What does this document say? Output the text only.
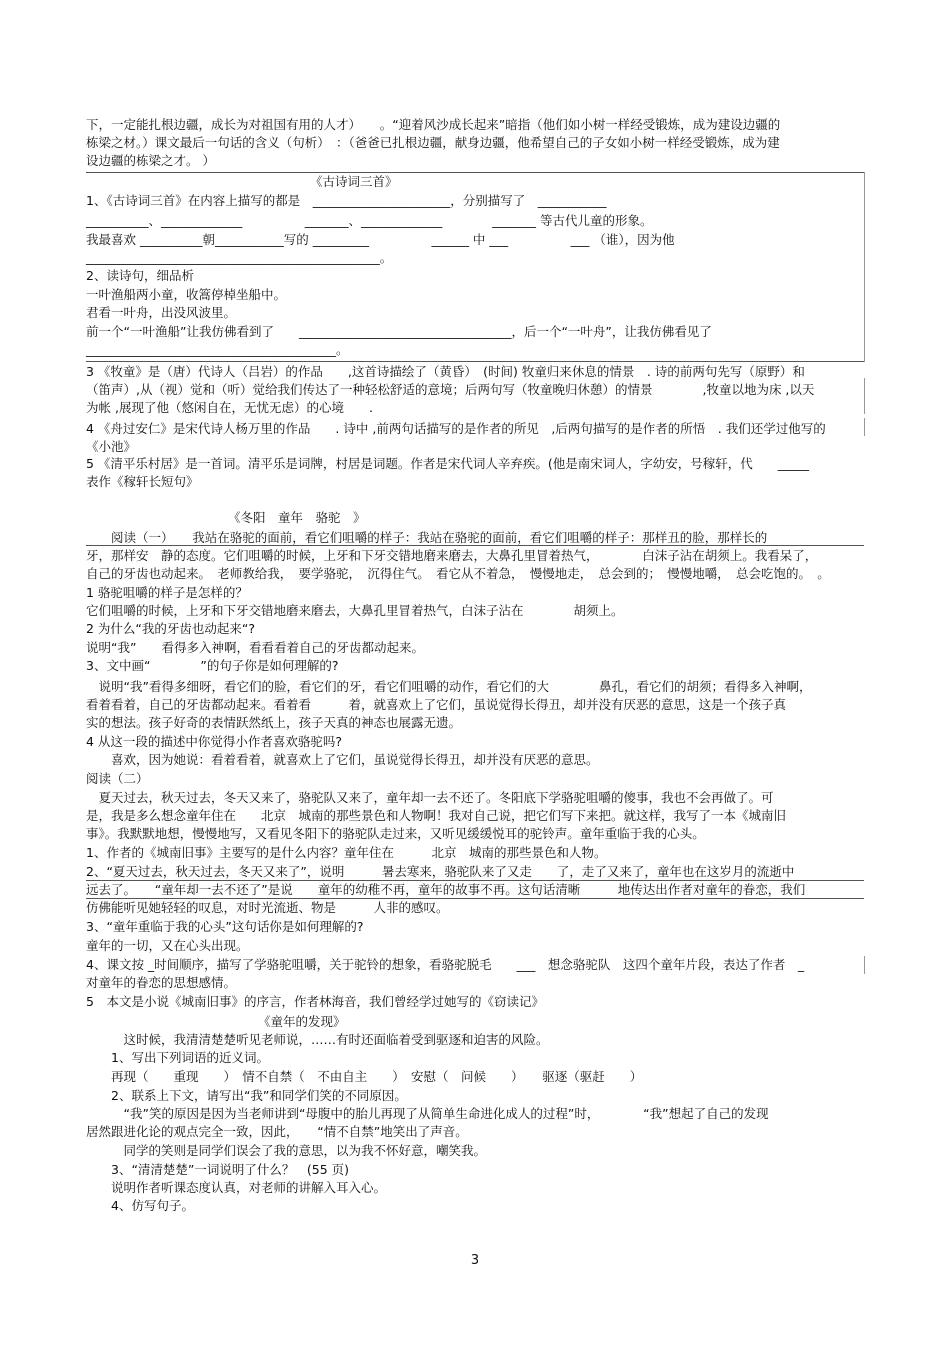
下，一定能扎根边疆，成长为对祖国有用的人才）　　。“迎着风沙成长起来”暗指（他们如小树一样经受锻炼，成为建设边疆的
栋梁之材。）课文最后一句话的含义（句析）　：（爸爸已扎根边疆，献身边疆，他希望自己的子女如小树一样经受锻炼，成为建
设边疆的栋梁之才。 ）
《古诗词三首》
1、《古诗词三首》在内容上描写的都是　______________________，分别描写了　___________
__________、_____________　　　　　_______、_____________　　　　_______ 等古代儿童的形象。
我最喜欢 __________朝___________写的 _________　　　　　______ 中 ___　　　　　___ （谁），因为他
_______________________________________________。
2、读诗句，细品析
一叶渔船两小童，收篙停棹坐船中。
君看一叶舟，出没风波里。
前一个“一叶渔船”让我仿佛看到了　　__________________________________，后一个“一叶舟”，让我仿佛看见了
________________________________________。
3 《牧童》是（唐）代诗人（吕岩）的作品　　,这首诗描绘了（黄昏）　(时间) 牧童归来休息的情景　. 诗的前两句先写（原野）和
（笛声）,从（视）觉和（听）觉给我们传达了一种轻松舒适的意境；后两句写（牧童晚归休憩）的情景　　　　,牧童以地为床 ,以天
为帐 ,展现了他（悠闲自在，无忧无虑）的心境　　.
4 《舟过安仁》是宋代诗人杨万里的作品　　. 诗中 ,前两句话描写的是作者的所见　,后两句描写的是作者的所悟　. 我们还学过他写的
《小池》
5 《清平乐村居》是一首词。清平乐是词牌，村居是词题。作者是宋代词人辛弃疾。(他是南宋词人，字幼安，号稼轩，代　　_____
表作《稼轩长短句》
《冬阳　童年　骆驼　》
　　阅读（一）　　我站在骆驼的面前，看它们咀嚼的样子：我站在骆驼的面前，看它们咀嚼的样子：那样丑的脸，那样长的
牙，那样安　静的态度。它们咀嚼的时候，上牙和下牙交错地磨来磨去，大鼻孔里冒着热气，　　　　白沫子沾在胡须上。我看呆了，
自己的牙齿也动起来。　老师教给我，　要学骆驼，　沉得住气。　看它从不着急，　慢慢地走，　总会到的；　慢慢地嚼，　总会吃饱的。　。
1 骆驼咀嚼的样子是怎样的？
它们咀嚼的时候，上牙和下牙交错地磨来磨去，大鼻孔里冒着热气，白沫子沾在　　　　胡须上。
2 为什么“我的牙齿也动起来“?
说明“我”　　看得多入神啊，看看看着自己的牙齿都动起来。
3、文中画“　　　　”的句子你是如何理解的?
　说明“我”看得多细呀，看它们的脸，看它们的牙，看它们咀嚼的动作，看它们的大　　　　鼻孔，看它们的胡须；看得多入神啊，
看着看着，自己的牙齿都动起来。看着看　　　着，就喜欢上了它们，虽说觉得长得丑，却并没有厌恶的意思，这是一个孩子真
实的想法。孩子好奇的表情跃然纸上，孩子天真的神态也展露无遗。
4 从这一段的描述中你觉得小作者喜欢骆驼吗?
　　喜欢，因为她说：看着看着，就喜欢上了它们，虽说觉得长得丑，却并没有厌恶的意思。
阅读（二）
　夏天过去，秋天过去，冬天又来了，骆驼队又来了，童年却一去不还了。冬阳底下学骆驼咀嚼的傻事，我也不会再做了。可
是，我是多么想念童年住在　　北京　城南的那些景色和人物啊！我对自己说，把它们写下来把。就这样，我写了一本《城南旧
事》。我默默地想，慢慢地写，又看见冬阳下的骆驼队走过来，又听见缓缓悦耳的驼铃声。童年重临于我的心头。
1、作者的《城南旧事》主要写的是什么内容？童年住在　　　北京　城南的那些景色和人物。
2、“夏天过去，秋天过去，冬天又来了”，说明　　　暑去寒来，骆驼队来了又走　　了，走了又来了，童年也在这岁月的流逝中
远去了。　　“童年却一去不还了”是说　　童年的幼稚不再，童年的故事不再。这句话清晰　　　地传达出作者对童年的眷恋，我们
仿佛能听见她轻轻的叹息，对时光流逝、物是　　　人非的感叹。
3、“童年重临于我的心头”这句话你是如何理解的?
童年的一切，又在心头出现。
4、课文按 _时间顺序，描写了学骆驼咀嚼，关于驼铃的想象，看骆驼脱毛　　___　想念骆驼队　这四个童年片段，表达了作者　_
对童年的眷恋的思想感情。
5　本文是小说《城南旧事》的序言，作者林海音，我们曾经学过她写的《窃读记》
《童年的发现》
　　　这时候，我清清楚楚听见老师说，……有时还面临着受到驱逐和迫害的风险。
　　1、写出下列词语的近义词。
　　再现（　　重现　　）　情不自禁（　不由自主　　）　安慰（　问候　　）　　驱逐（驱赶　　）
　　2、联系上下文，请写出“我”和同学们笑的不同原因。
　　　“我”笑的原因是因为当老师讲到“母腹中的胎儿再现了从简单生命进化成人的过程”时，　　　　“我”想起了自己的发现
居然跟进化论的观点完全一致，因此，　　“情不自禁”地笑出了声音。
　　　同学的笑则是同学们误会了我的意思，以为我不怀好意，嘲笑我。
　　3、“清清楚楚”一词说明了什么？　(55 页)
　　说明作者听课态度认真，对老师的讲解入耳入心。
　　4、仿写句子。
3
